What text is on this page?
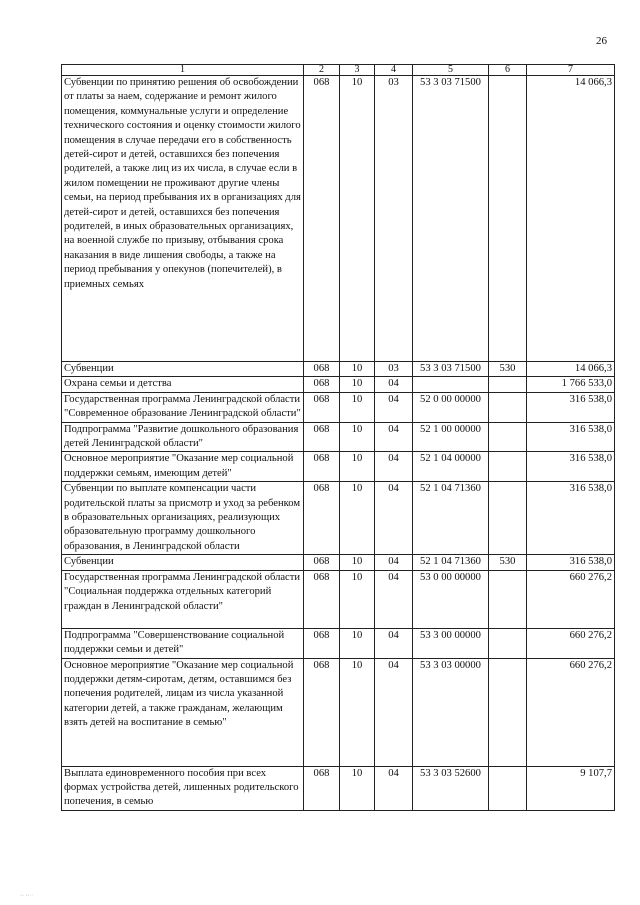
26
1	2	3	4	5	6	7
Субвенции по принятию решения об освобождении от платы за наем, содержание и ремонт жилого помещения, коммунальные услуги и определение технического состояния и оценку стоимости жилого помещения в случае передачи его в собственность детей-сирот и детей, оставшихся без попечения родителей, а также лиц из их числа, в случае если в жилом помещении не проживают другие члены семьи, на период пребывания их в организациях для детей-сирот и детей, оставшихся без попечения родителей, в иных образовательных организациях, на военной службе по призыву, отбывания срока наказания в виде лишения свободы, а также на период пребывания у опекунов (попечителей), в приемных семьях	068	10	03	53 3 03 71500		14 066,3
Субвенции	068	10	03	53 3 03 71500	530	14 066,3
Охрана семьи и детства	068	10	04			1 766 533,0
Государственная программа Ленинградской области "Современное образование Ленинградской области"	068	10	04	52 0 00 00000		316 538,0
Подпрограмма "Развитие дошкольного образования детей Ленинградской области"	068	10	04	52 1 00 00000		316 538,0
Основное мероприятие "Оказание мер социальной поддержки семьям, имеющим детей"	068	10	04	52 1 04 00000		316 538,0
Субвенции по выплате компенсации части родительской платы за присмотр и уход за ребенком в образовательных организациях, реализующих образовательную программу дошкольного образования, в Ленинградской области	068	10	04	52 1 04 71360		316 538,0
Субвенции	068	10	04	52 1 04 71360	530	316 538,0
Государственная программа Ленинградской области "Социальная поддержка отдельных категорий граждан в Ленинградской области"	068	10	04	53 0 00 00000		660 276,2
Подпрограмма "Совершенствование социальной поддержки семьи и детей"	068	10	04	53 3 00 00000		660 276,2
Основное мероприятие "Оказание мер социальной поддержки детям-сиротам, детям, оставшимся без попечения родителей, лицам из числа указанной категории детей, а также гражданам, желающим взять детей на воспитание в семью"	068	10	04	53 3 03 00000		660 276,2
Выплата единовременного пособия при всех формах устройства детей, лишенных родительского попечения, в семью	068	10	04	53 3 03 52600		9 107,7
·· ·· ·
